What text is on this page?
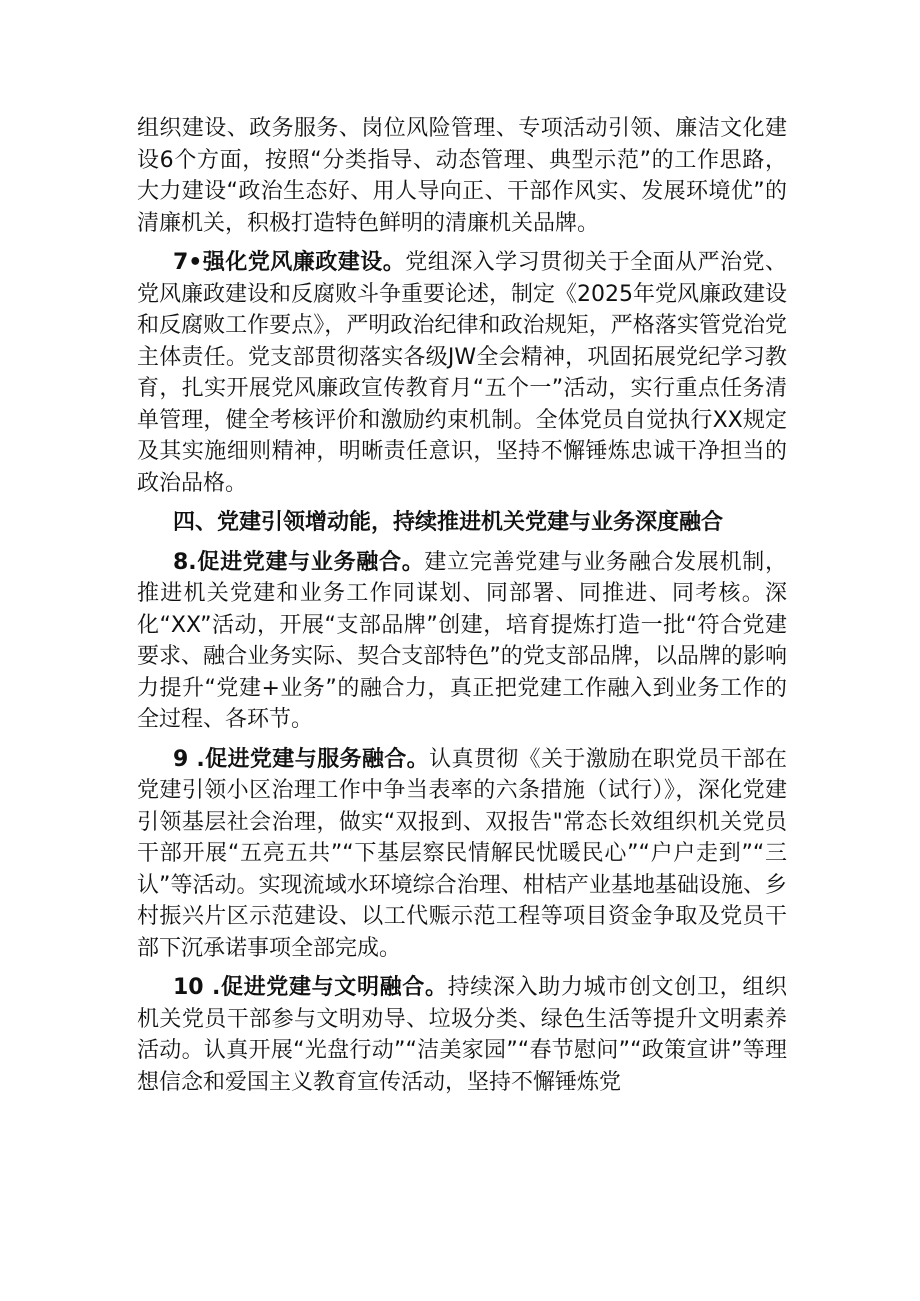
组织建设、政务服务、岗位风险管理、专项活动引领、廉洁文化建设6个方面，按照“分类指导、动态管理、典型示范”的工作思路，大力建设“政治生态好、用人导向正、干部作风实、发展环境优”的清廉机关，积极打造特色鲜明的清廉机关品牌。

7•强化党风廉政建设。党组深入学习贯彻关于全面从严治党、党风廉政建设和反腐败斗争重要论述，制定《2025年党风廉政建设和反腐败工作要点》，严明政治纪律和政治规矩，严格落实管党治党主体责任。党支部贯彻落实各级JW全会精神，巩固拓展党纪学习教育，扎实开展党风廉政宣传教育月“五个一”活动，实行重点任务清单管理，健全考核评价和激励约束机制。全体党员自觉执行XX规定及其实施细则精神，明晰责任意识，坚持不懈锤炼忠诚干净担当的政治品格。

四、党建引领增动能，持续推进机关党建与业务深度融合

8.促进党建与业务融合。建立完善党建与业务融合发展机制，推进机关党建和业务工作同谋划、同部署、同推进、同考核。深化“XX”活动，开展“支部品牌”创建，培育提炼打造一批“符合党建要求、融合业务实际、契合支部特色”的党支部品牌，以品牌的影响力提升“党建+业务”的融合力，真正把党建工作融入到业务工作的全过程、各环节。

9 .促进党建与服务融合。认真贯彻《关于激励在职党员干部在党建引领小区治理工作中争当表率的六条措施（试行）》，深化党建引领基层社会治理，做实“双报到、双报告"常态长效组织机关党员干部开展“五亮五共”“下基层察民情解民忧暖民心”“户户走到”“三认”等活动。实现流域水环境综合治理、柑桔产业基地基础设施、乡村振兴片区示范建设、以工代赈示范工程等项目资金争取及党员干部下沉承诺事项全部完成。

10 .促进党建与文明融合。持续深入助力城市创文创卫，组织机关党员干部参与文明劝导、垃圾分类、绿色生活等提升文明素养活动。认真开展“光盘行动”“洁美家园”“春节慰问”“政策宣讲”等理想信念和爱国主义教育宣传活动，坚持不懈锤炼党
